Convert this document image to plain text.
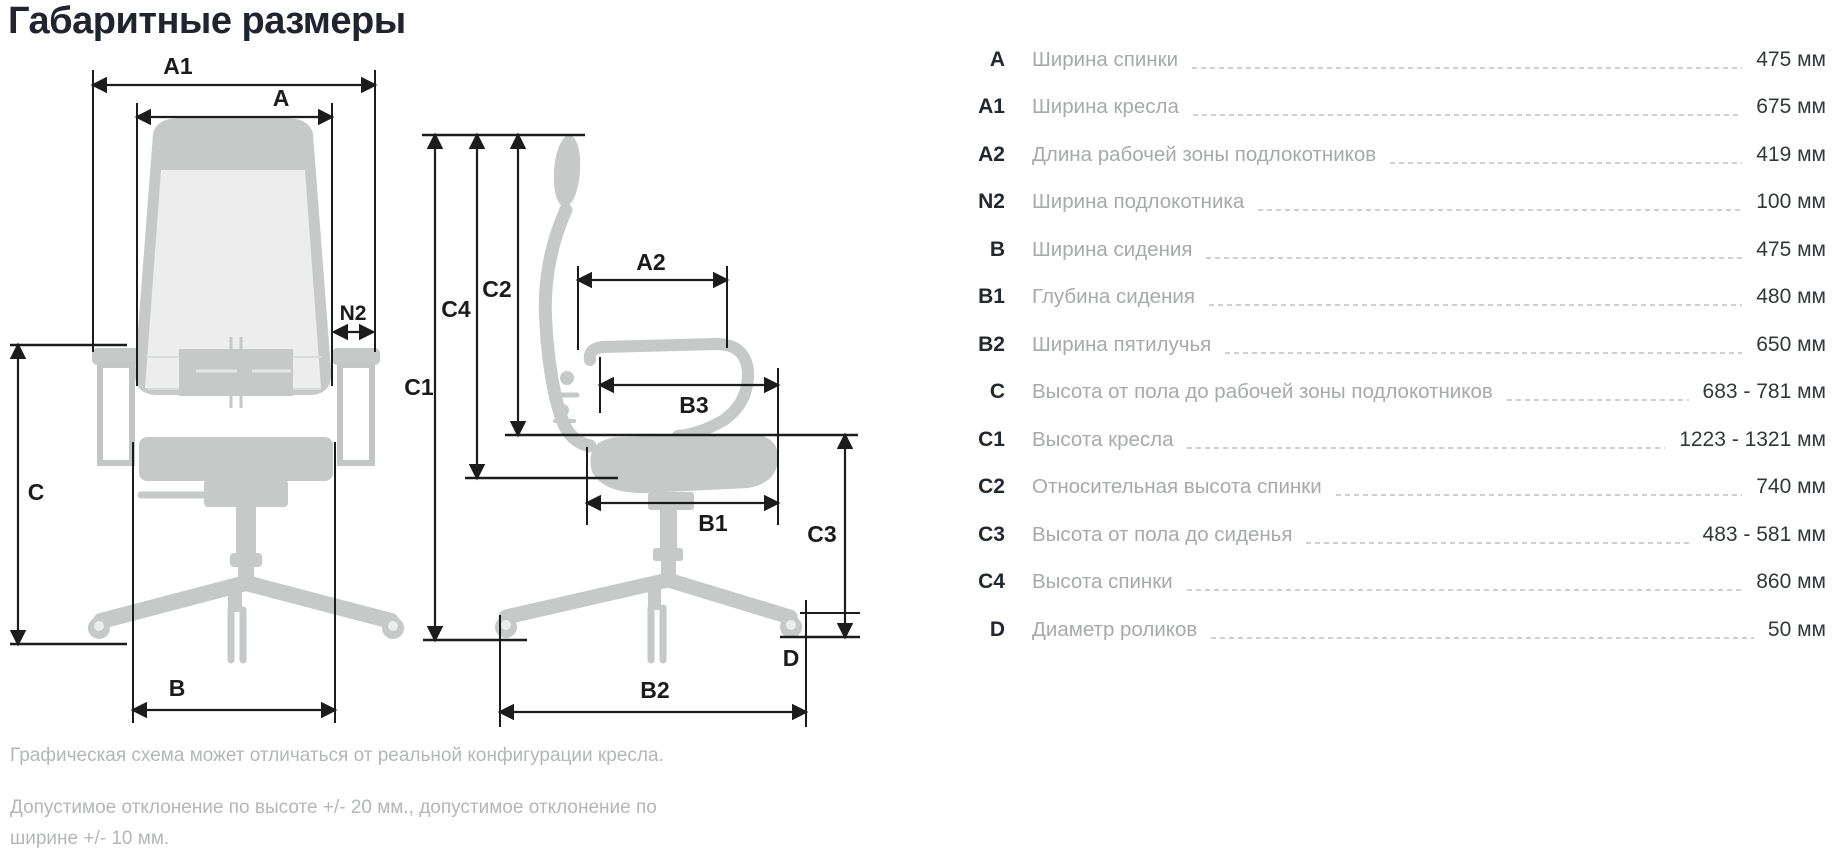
Габаритные размеры
A1
A
N2
C
B
C1
C4
C2
A2
B3
B1	C3
D
B2
A Ширина спинки	475 мм
A1 Ширина кресла	675 мм
A2 Длина рабочей зоны подлокотников	419 мм
N2 Ширина подлокотника	100 мм
B Ширина сидения	475 мм
B1 Глубина сидения	480 мм
B2 Ширина пятилучья	650 мм
C Высота от пола до рабочей зоны подлокотников	683 - 781 мм
C1 Высота кресла	1223 - 1321 мм
C2 Относительная высота спинки	740 мм
C3 Высота от пола до сиденья	483 - 581 мм
C4 Высота спинки	860 мм
D Диаметр роликов	50 мм
Графическая схема может отличаться от реальной конфигурации кресла.
Допустимое отклонение по высоте +/- 20 мм., допустимое отклонение по ширине +/- 10 мм.
